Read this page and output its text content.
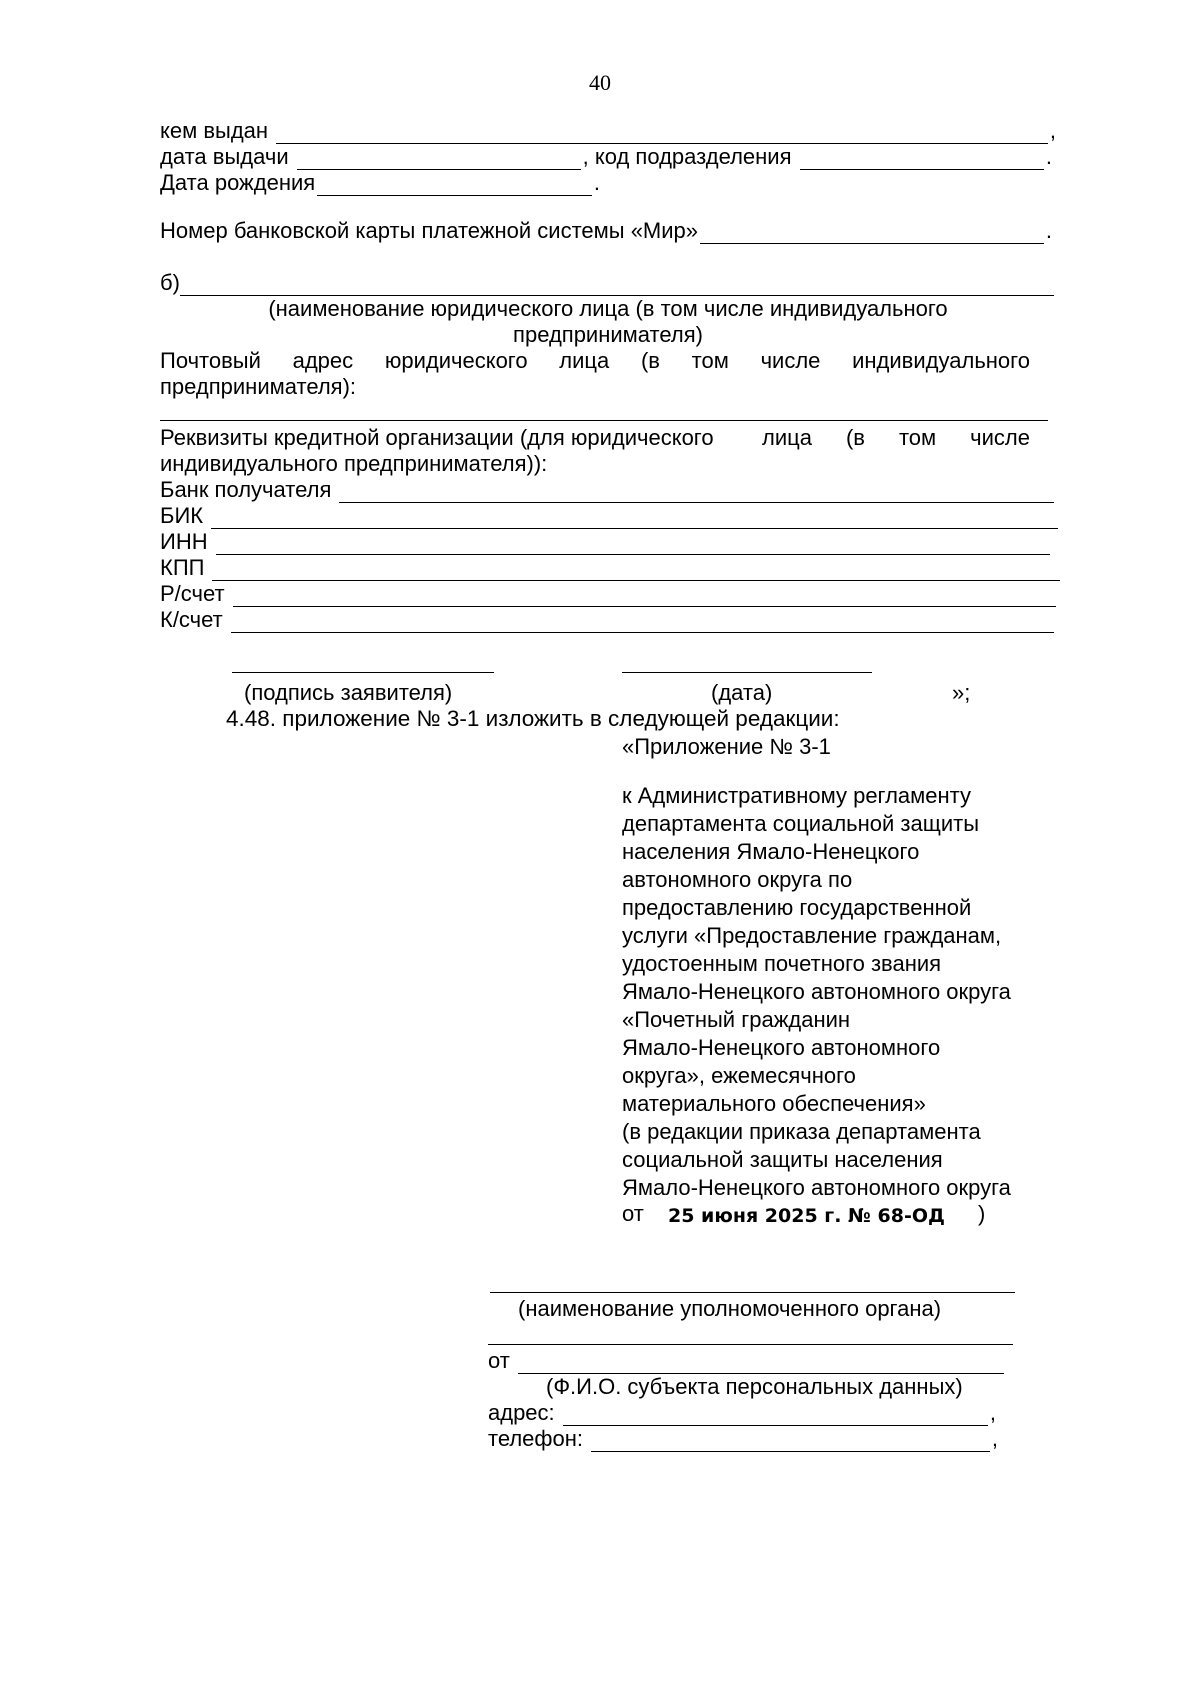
40
кем выдан	,
дата выдачи	, код подразделения	.
Дата рождения	.
Номер банковской карты платежной системы «Мир»	.
б)
(наименование юридического лица (в том числе индивидуального
предпринимателя)
Почтовый адрес юридического лица (в том числе индивидуального
предпринимателя):
Реквизиты кредитной организации (для юридического лица (в том числе
индивидуального предпринимателя)):
Банк получателя
БИК
ИНН
КПП
Р/счет
К/счет
(подпись заявителя)	(дата)	»;
4.48. приложение № 3-1 изложить в следующей редакции:
«Приложение № 3-1
к Административному регламенту
департамента социальной защиты
населения Ямало-Ненецкого
автономного округа по
предоставлению государственной
услуги «Предоставление гражданам,
удостоенным почетного звания
Ямало-Ненецкого автономного округа
«Почетный гражданин
Ямало-Ненецкого автономного
округа», ежемесячного
материального обеспечения»
(в редакции приказа департамента
социальной защиты населения
Ямало-Ненецкого автономного округа
от 25 июня 2025 г. № 68-ОД )
(наименование уполномоченного органа)
от
(Ф.И.О. субъекта персональных данных)
адрес:	,
телефон:	,
